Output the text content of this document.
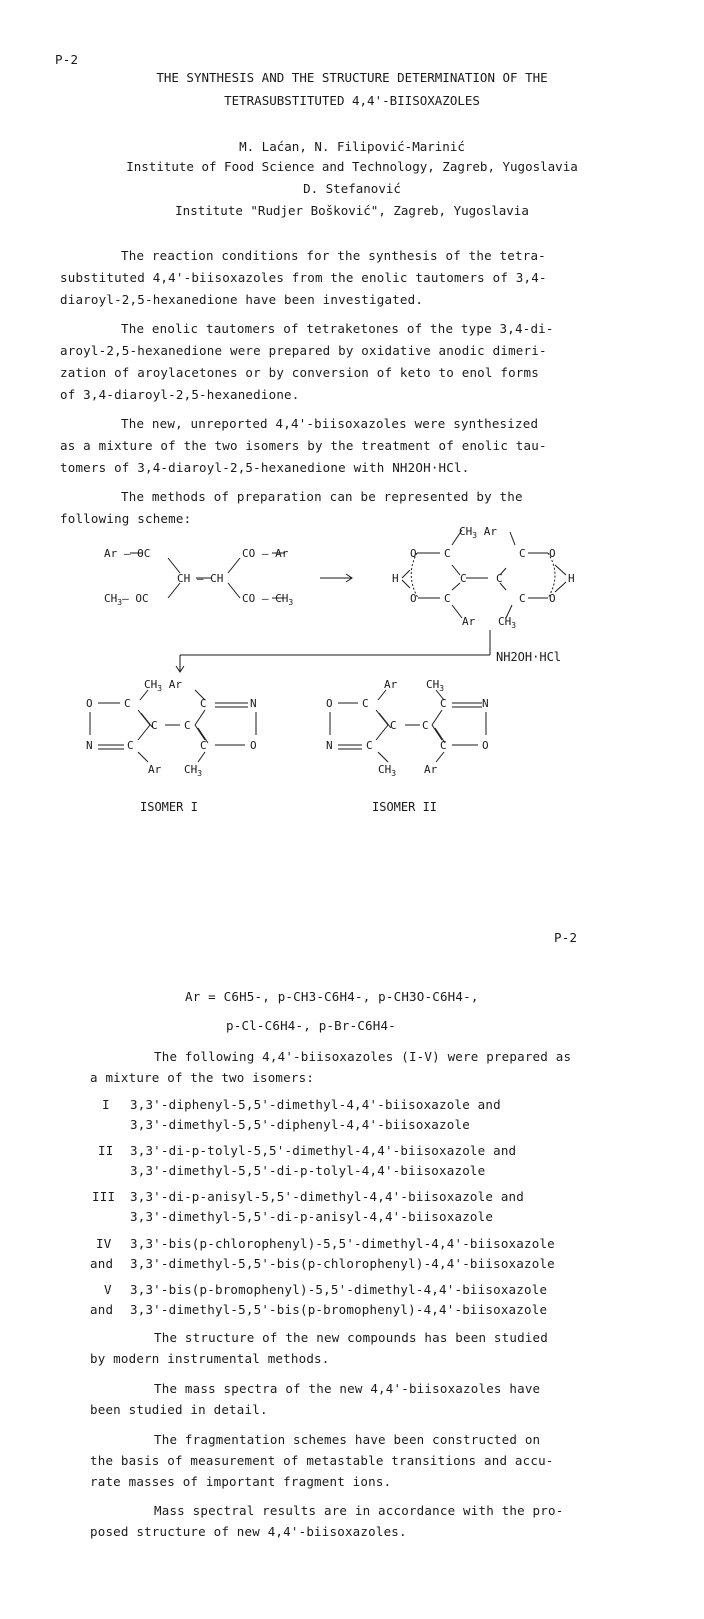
P-2
THE SYNTHESIS AND THE STRUCTURE DETERMINATION OF THE
TETRASUBSTITUTED 4,4'-BIISOXAZOLES
M. Laćan, N. Filipović-Marinić
Institute of Food Science and Technology, Zagreb, Yugoslavia
D. Stefanović
Institute "Rudjer Bošković", Zagreb, Yugoslavia
The reaction conditions for the synthesis of the tetra-
substituted 4,4'-biisoxazoles from the enolic tautomers of 3,4-
diaroyl-2,5-hexanedione have been investigated.
The enolic tautomers of tetraketones of the type 3,4-di-
aroyl-2,5-hexanedione were prepared by oxidative anodic dimeri-
zation of aroylacetones or by conversion of keto to enol forms
of 3,4-diaroyl-2,5-hexanedione.
The new, unreported 4,4'-biisoxazoles were synthesized
as a mixture of the two isomers by the treatment of enolic tau-
tomers of 3,4-diaroyl-2,5-hexanedione with NH2OH·HCl.
The methods of preparation can be represented by the
following scheme:
Ar – OC
$CH_3-$ OC
CH – CH
CO – Ar
CO – $CH_3$
$CH_3$ Ar
O C
H	C	C	H
O C
C O
C O
Ar $CH_3$
$CH_3$ Ar
O	C	C	N
C C
N	C	C	O
Ar $CH_3$
Ar	$CH_3$
O	C	C	N
C C
N	C	C	O
$CH_3$	Ar
NH2OH·HCl
ISOMER I	ISOMER II
P-2
Ar = C6H5-, p-CH3-C6H4-, p-CH3O-C6H4-,
p-Cl-C6H4-, p-Br-C6H4-
The following 4,4'-biisoxazoles (I-V) were prepared as
a mixture of the two isomers:
I 3,3'-diphenyl-5,5'-dimethyl-4,4'-biisoxazole and
3,3'-dimethyl-5,5'-diphenyl-4,4'-biisoxazole
II 3,3'-di-p-tolyl-5,5'-dimethyl-4,4'-biisoxazole and
3,3'-dimethyl-5,5'-di-p-tolyl-4,4'-biisoxazole
III 3,3'-di-p-anisyl-5,5'-dimethyl-4,4'-biisoxazole and
3,3'-dimethyl-5,5'-di-p-anisyl-4,4'-biisoxazole
IV 3,3'-bis(p-chlorophenyl)-5,5'-dimethyl-4,4'-biisoxazole
and 3,3'-dimethyl-5,5'-bis(p-chlorophenyl)-4,4'-biisoxazole
V 3,3'-bis(p-bromophenyl)-5,5'-dimethyl-4,4'-biisoxazole
and 3,3'-dimethyl-5,5'-bis(p-bromophenyl)-4,4'-biisoxazole
The structure of the new compounds has been studied
by modern instrumental methods.
The mass spectra of the new 4,4'-biisoxazoles have
been studied in detail.
The fragmentation schemes have been constructed on
the basis of measurement of metastable transitions and accu-
rate masses of important fragment ions.
Mass spectral results are in accordance with the pro-
posed structure of new 4,4'-biisoxazoles.
